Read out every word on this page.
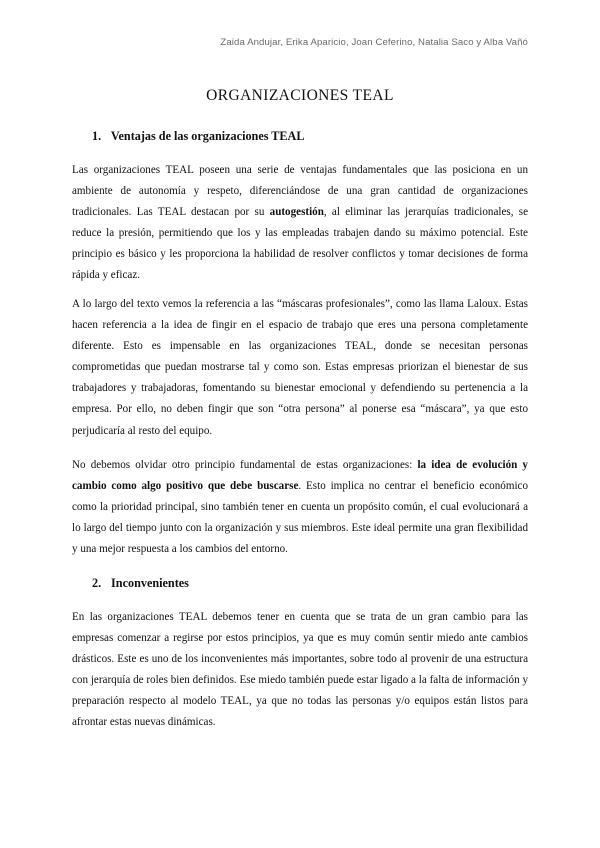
Zaida Andujar, Erika Aparicio, Joan Ceferino, Natalia Saco y Alba Vañó
ORGANIZACIONES TEAL
1. Ventajas de las organizaciones TEAL

Las organizaciones TEAL poseen una serie de ventajas fundamentales que las posiciona en un ambiente de autonomía y respeto, diferenciándose de una gran cantidad de organizaciones tradicionales. Las TEAL destacan por su autogestión, al eliminar las jerarquías tradicionales, se reduce la presión, permitiendo que los y las empleadas trabajen dando su máximo potencial. Este principio es básico y les proporciona la habilidad de resolver conflictos y tomar decisiones de forma rápida y eficaz.

A lo largo del texto vemos la referencia a las “máscaras profesionales”, como las llama Laloux. Estas hacen referencia a la idea de fingir en el espacio de trabajo que eres una persona completamente diferente. Esto es impensable en las organizaciones TEAL, donde se necesitan personas comprometidas que puedan mostrarse tal y como son. Estas empresas priorizan el bienestar de sus trabajadores y trabajadoras, fomentando su bienestar emocional y defendiendo su pertenencia a la empresa. Por ello, no deben fingir que son “otra persona” al ponerse esa “máscara”, ya que esto perjudicaría al resto del equipo.

No debemos olvidar otro principio fundamental de estas organizaciones: la idea de evolución y cambio como algo positivo que debe buscarse. Esto implica no centrar el beneficio económico como la prioridad principal, sino también tener en cuenta un propósito común, el cual evolucionará a lo largo del tiempo junto con la organización y sus miembros. Este ideal permite una gran flexibilidad y una mejor respuesta a los cambios del entorno.

2. Inconvenientes

En las organizaciones TEAL debemos tener en cuenta que se trata de un gran cambio para las empresas comenzar a regirse por estos principios, ya que es muy común sentir miedo ante cambios drásticos. Este es uno de los inconvenientes más importantes, sobre todo al provenir de una estructura con jerarquía de roles bien definidos. Ese miedo también puede estar ligado a la falta de información y preparación respecto al modelo TEAL, ya que no todas las personas y/o equipos están listos para afrontar estas nuevas dinámicas.
